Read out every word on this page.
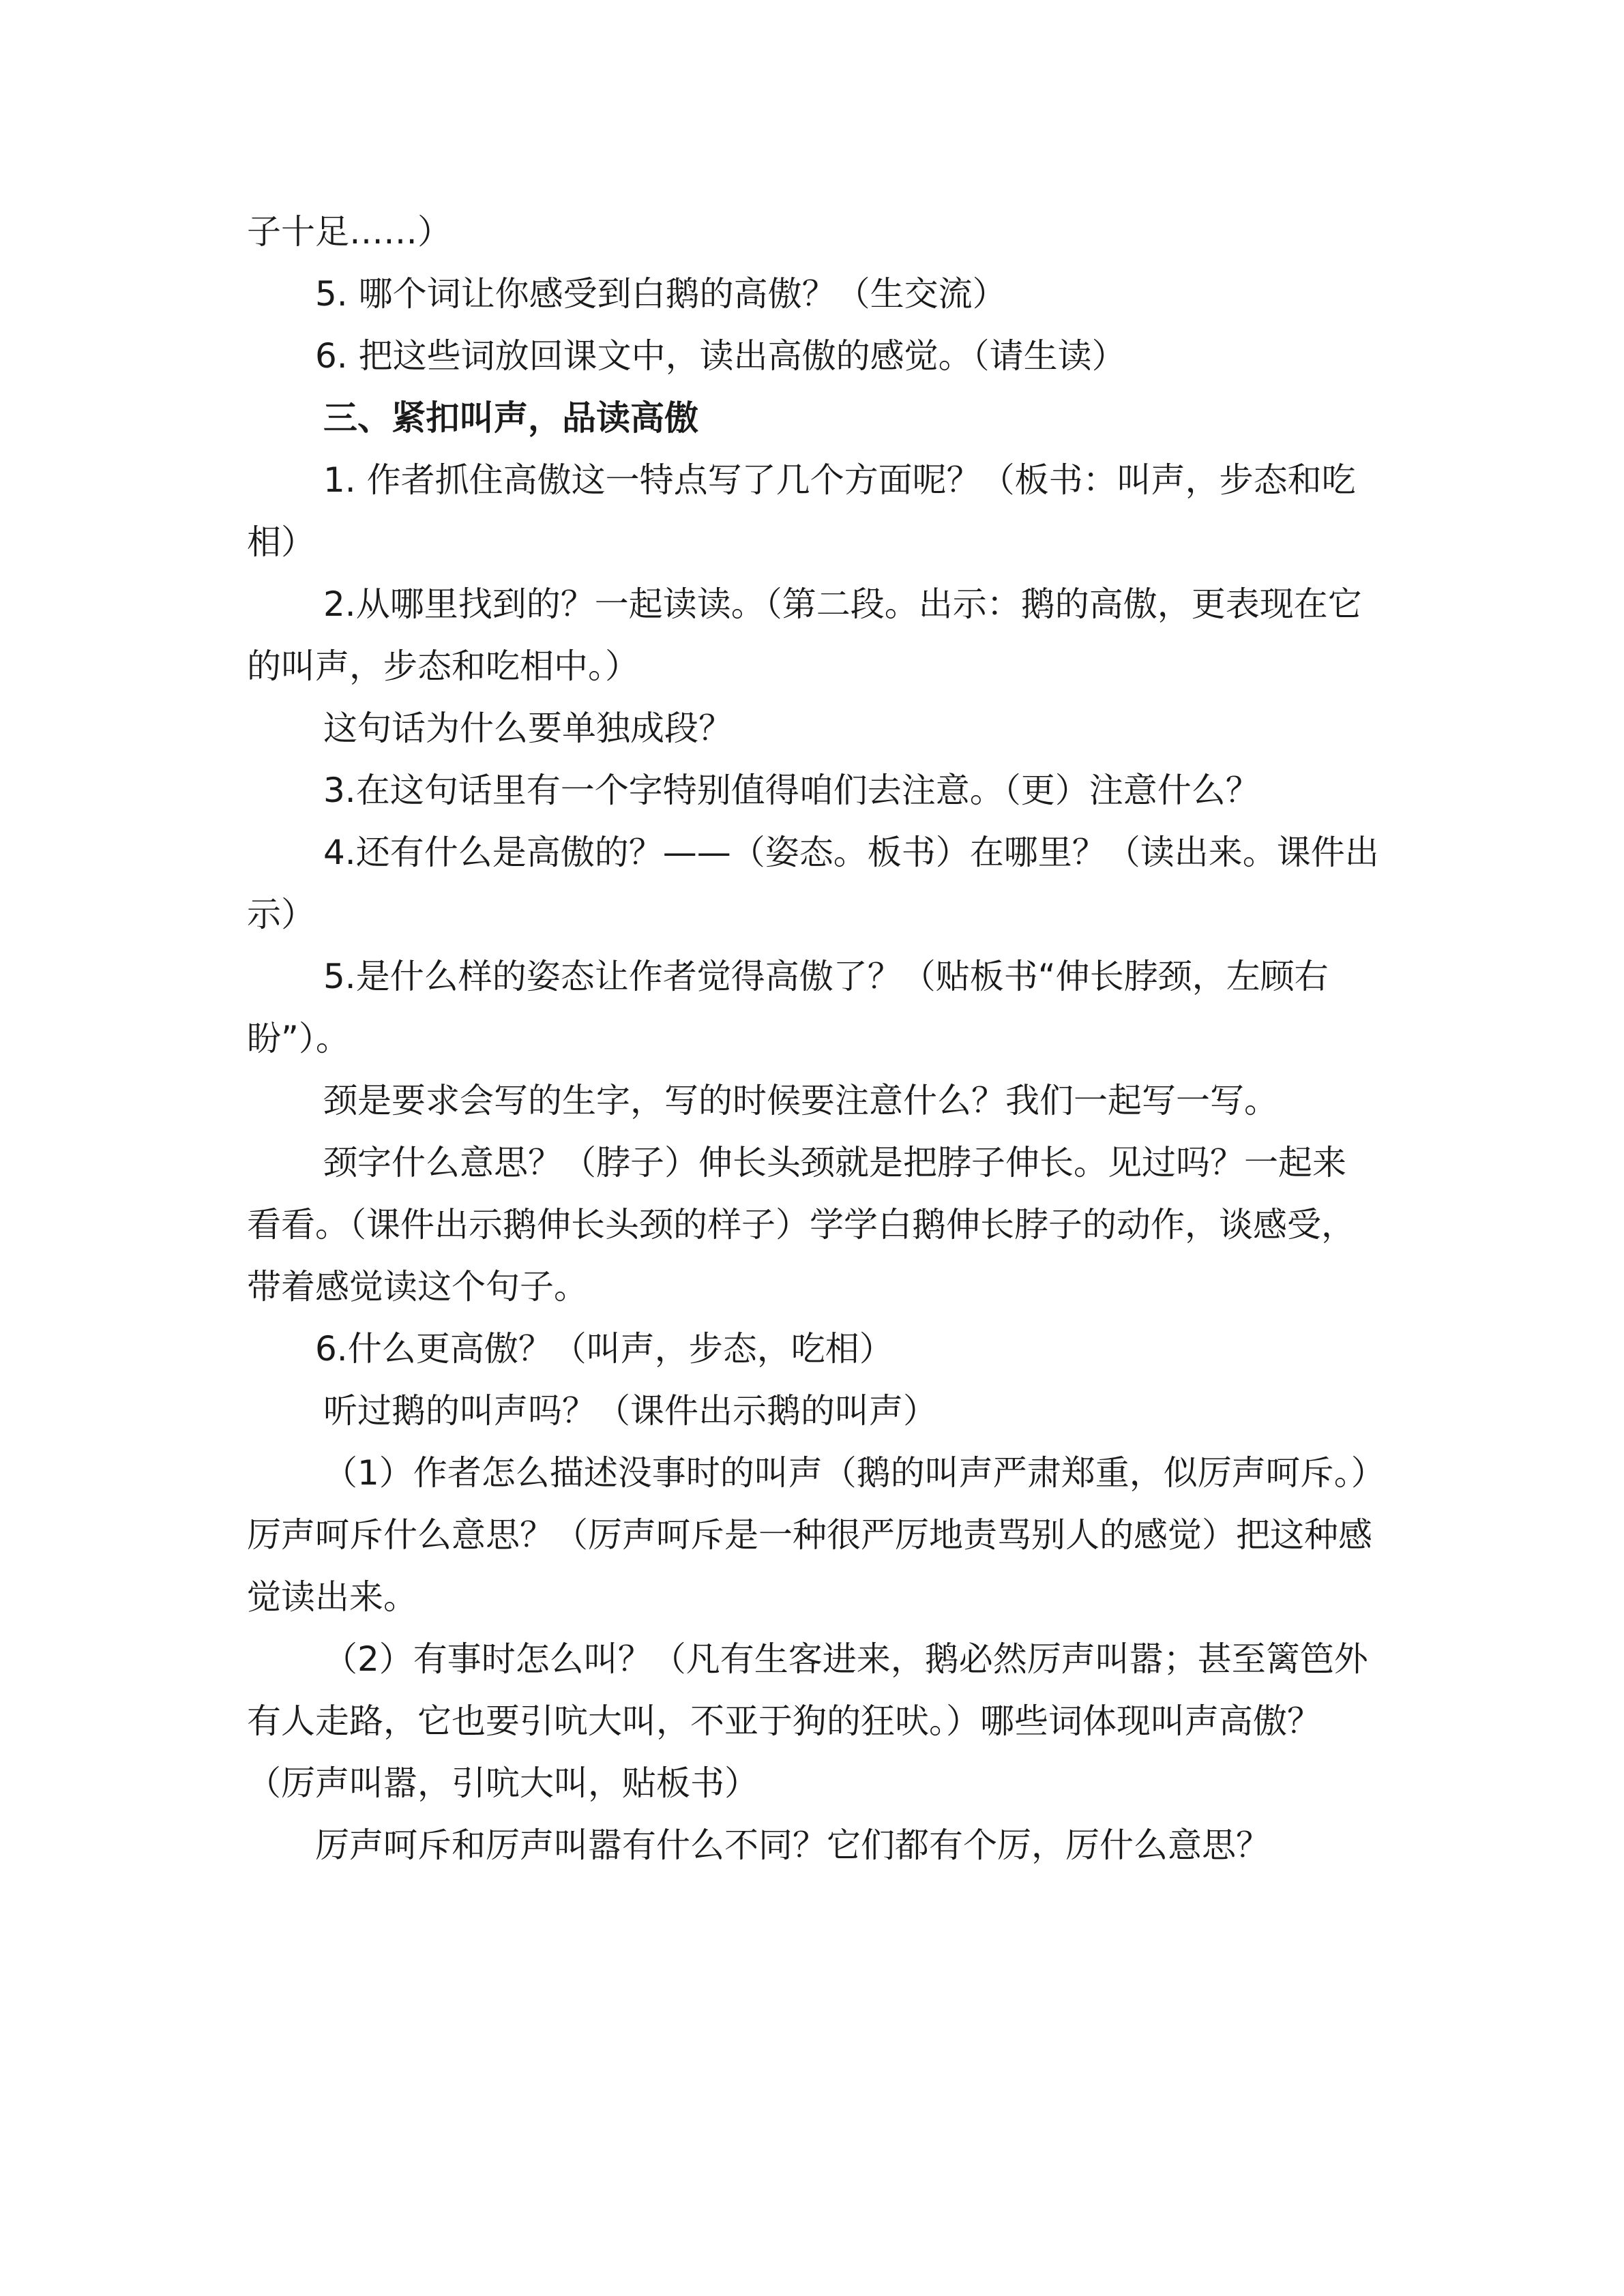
子十足……）

5. 哪个词让你感受到白鹅的高傲？（生交流）

6. 把这些词放回课文中，读出高傲的感觉。（请生读）

三、紧扣叫声，品读高傲

1. 作者抓住高傲这一特点写了几个方面呢？（板书：叫声，步态和吃相）

2.从哪里找到的？一起读读。（第二段。出示：鹅的高傲，更表现在它的叫声，步态和吃相中。）

这句话为什么要单独成段？

3.在这句话里有一个字特别值得咱们去注意。（更）注意什么？

4.还有什么是高傲的？——（姿态。板书）在哪里？（读出来。课件出示）

5.是什么样的姿态让作者觉得高傲了？（贴板书“伸长脖颈，左顾右盼”）。

颈是要求会写的生字，写的时候要注意什么？我们一起写一写。

颈字什么意思？（脖子）伸长头颈就是把脖子伸长。见过吗？一起来看看。（课件出示鹅伸长头颈的样子）学学白鹅伸长脖子的动作，谈感受，带着感觉读这个句子。

6.什么更高傲？（叫声，步态，吃相）

听过鹅的叫声吗？（课件出示鹅的叫声）

（1）作者怎么描述没事时的叫声（鹅的叫声严肃郑重，似厉声呵斥。）厉声呵斥什么意思？（厉声呵斥是一种很严厉地责骂别人的感觉）把这种感觉读出来。

（2）有事时怎么叫？（凡有生客进来，鹅必然厉声叫嚣；甚至篱笆外有人走路，它也要引吭大叫，不亚于狗的狂吠。）哪些词体现叫声高傲？（厉声叫嚣，引吭大叫，贴板书）

厉声呵斥和厉声叫嚣有什么不同？它们都有个厉，厉什么意思？
